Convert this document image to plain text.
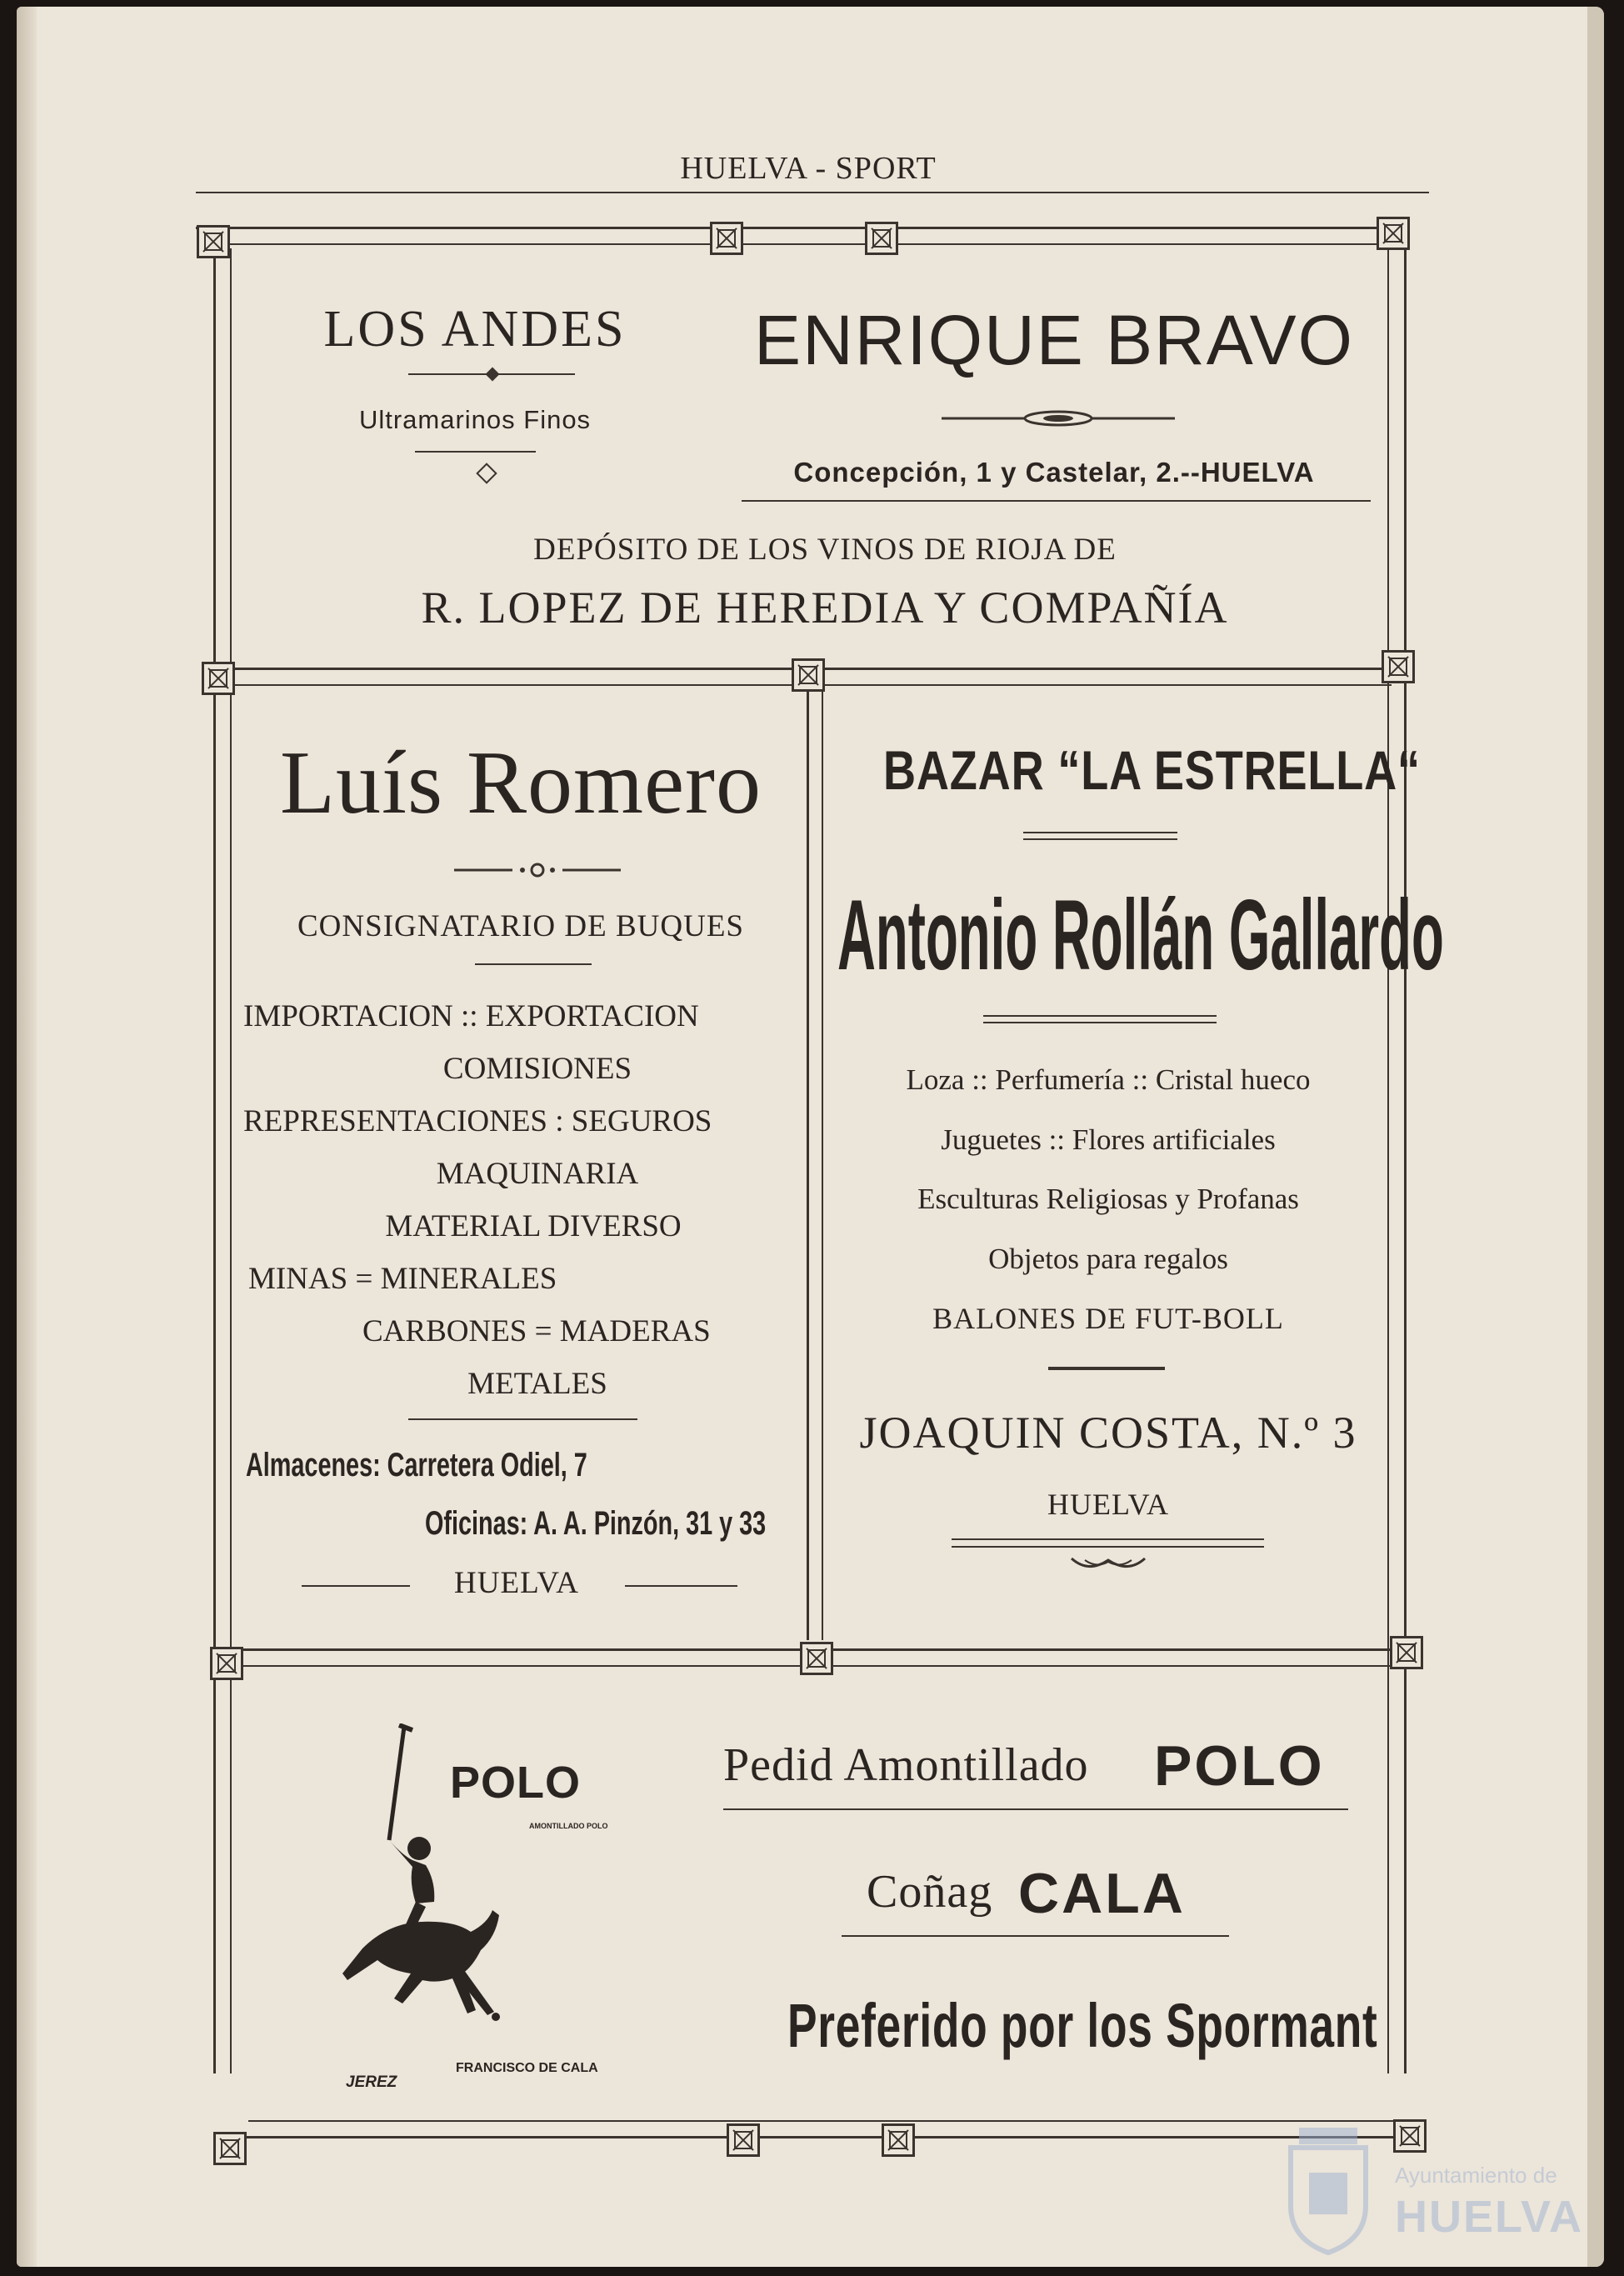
HUELVA - SPORT
LOS ANDES
Ultramarinos Finos
ENRIQUE BRAVO
Concepción, 1 y Castelar, 2.--HUELVA
DEPÓSITO DE LOS VINOS DE RIOJA DE
R. LOPEZ DE HEREDIA Y COMPAÑÍA
Luís Romero
CONSIGNATARIO DE BUQUES
IMPORTACION :: EXPORTACION
COMISIONES
REPRESENTACIONES : SEGUROS
MAQUINARIA
MATERIAL DIVERSO
MINAS = MINERALES
CARBONES = MADERAS
METALES
Almacenes: Carretera Odiel, 7
Oficinas: A. A. Pinzón, 31 y 33
HUELVA
BAZAR “LA ESTRELLA“
Antonio Rollán Gallardo
Loza :: Perfumería :: Cristal hueco
Juguetes :: Flores artificiales
Esculturas Religiosas y Profanas
Objetos para regalos
BALONES DE FUT-BOLL
JOAQUIN COSTA, N.º 3
HUELVA
POLO
AMONTILLADO POLO
JEREZ
FRANCISCO DE CALA
Pedid Amontillado POLO
Coñag CALA
Preferido por los Spormant
Ayuntamiento de
HUELVA
